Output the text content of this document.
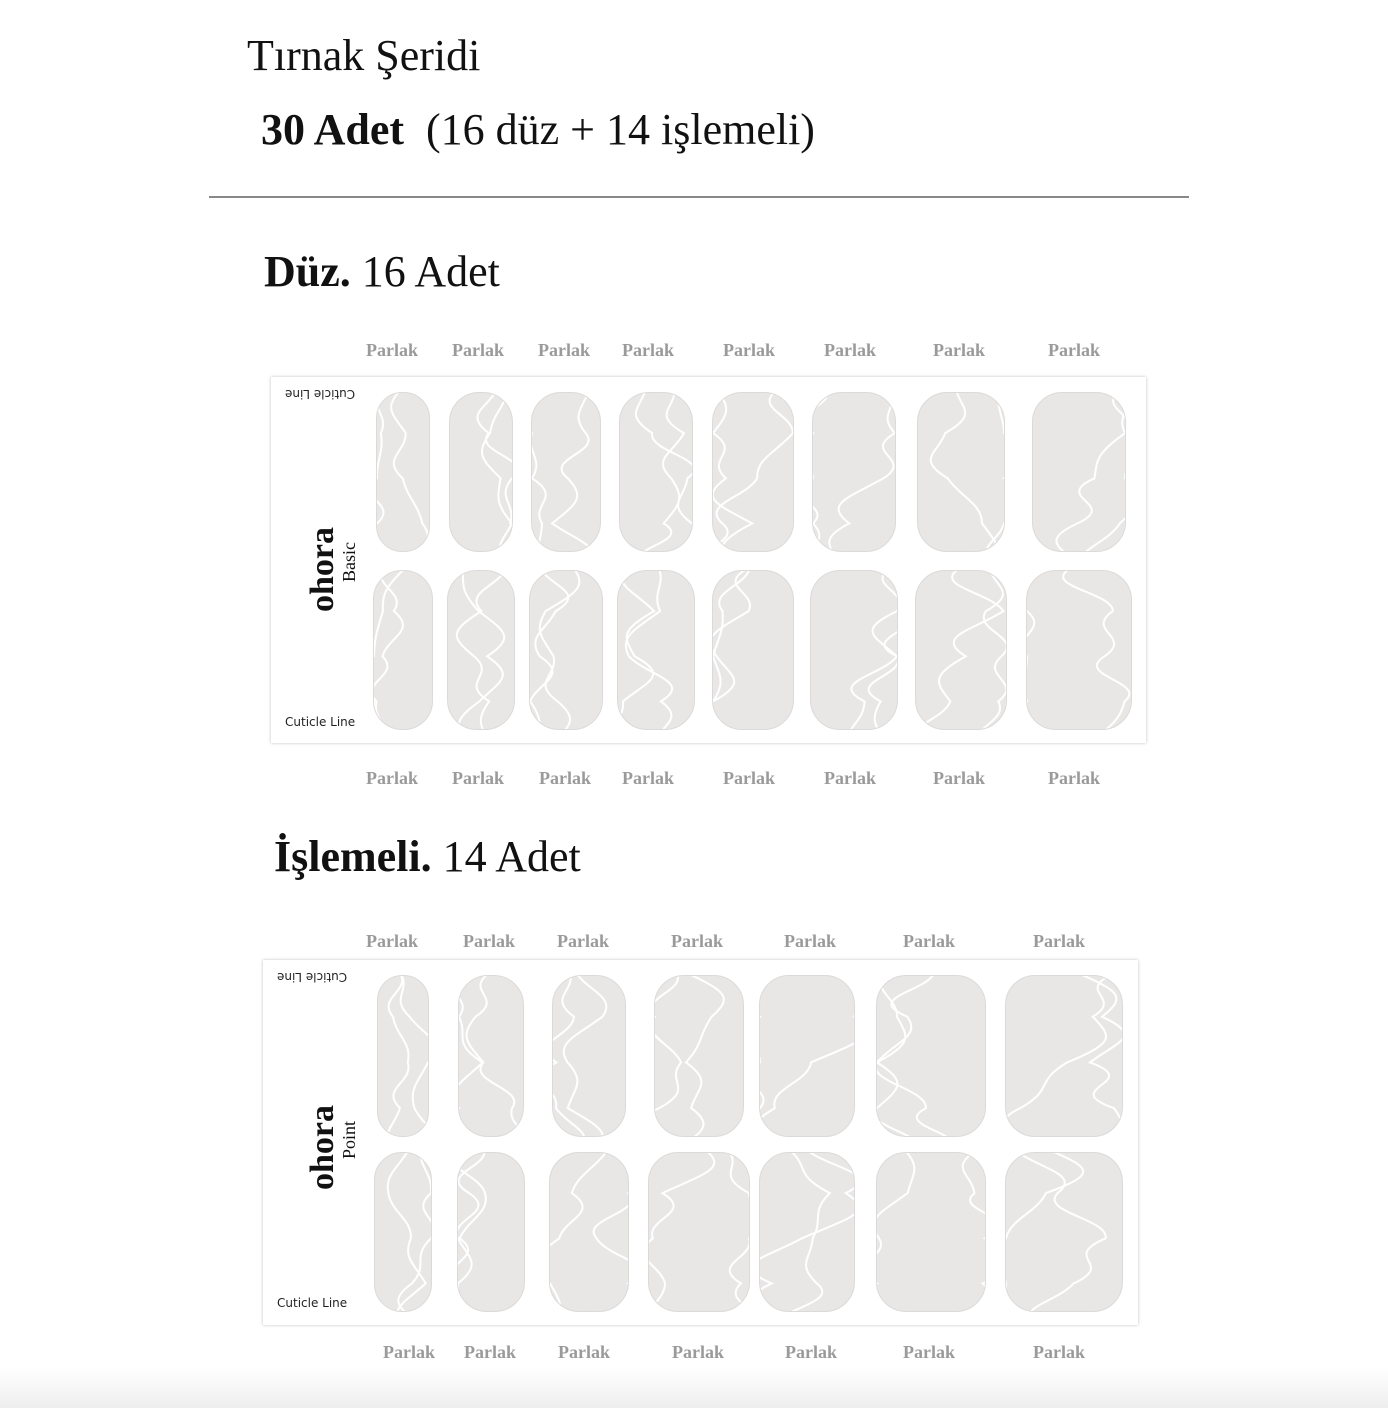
Tırnak Şeridi
30 Adet (16 düz + 14 işlemeli)
Düz. 16 Adet
İşlemeli. 14 Adet
Cuticle Line
Cuticle Line
ohora
Basic
Cuticle Line
Cuticle Line
ohora
Point
Parlak Parlak Parlak Parlak	Parlak	Parlak	Parlak	Parlak
Parlak Parlak Parlak Parlak	Parlak	Parlak	Parlak	Parlak
Parlak	Parlak Parlak	Parlak	Parlak	Parlak	Parlak
Parlak Parlak Parlak	Parlak	Parlak	Parlak	Parlak
